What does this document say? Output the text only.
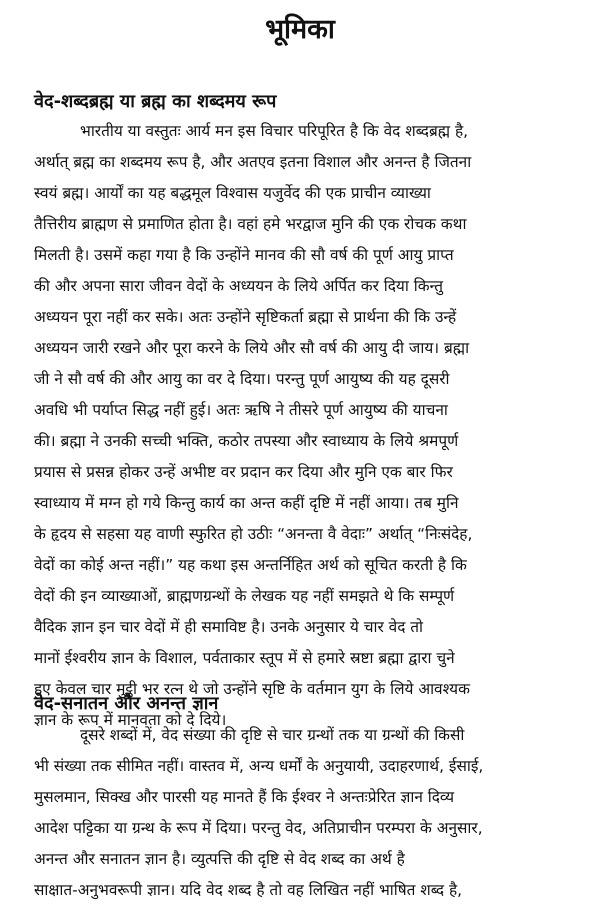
भूमिका
वेद-शब्दब्रह्म या ब्रह्म का शब्दमय रूप
भारतीय या वस्तुतः आर्य मन इस विचार परिपूरित है कि वेद शब्दब्रह्म है,
अर्थात् ब्रह्म का शब्दमय रूप है, और अतएव इतना विशाल और अनन्त है जितना
स्वयं ब्रह्म। आर्यों का यह बद्धमूल विश्वास यजुर्वेद की एक प्राचीन व्याख्या
तैत्तिरीय ब्राह्मण से प्रमाणित होता है। वहां हमे भरद्वाज मुनि की एक रोचक कथा
मिलती है। उसमें कहा गया है कि उन्होंने मानव की सौ वर्ष की पूर्ण आयु प्राप्त
की और अपना सारा जीवन वेदों के अध्ययन के लिये अर्पित कर दिया किन्तु
अध्ययन पूरा नहीं कर सके। अतः उन्होंने सृष्टिकर्ता ब्रह्मा से प्रार्थना की कि उन्हें
अध्ययन जारी रखने और पूरा करने के लिये और सौ वर्ष की आयु दी जाय। ब्रह्मा
जी ने सौ वर्ष की और आयु का वर दे दिया। परन्तु पूर्ण आयुष्य की यह दूसरी
अवधि भी पर्याप्त सिद्ध नहीं हुई। अतः ऋषि ने तीसरे पूर्ण आयुष्य की याचना
की। ब्रह्मा ने उनकी सच्ची भक्ति, कठोर तपस्या और स्वाध्याय के लिये श्रमपूर्ण
प्रयास से प्रसन्न होकर उन्हें अभीष्ट वर प्रदान कर दिया और मुनि एक बार फिर
स्वाध्याय में मग्न हो गये किन्तु कार्य का अन्त कहीं दृष्टि में नहीं आया। तब मुनि
के हृदय से सहसा यह वाणी स्फुरित हो उठीः “अनन्ता वै वेदाः” अर्थात् “निःसंदेह,
वेदों का कोई अन्त नहीं।” यह कथा इस अन्तर्निहित अर्थ को सूचित करती है कि
वेदों की इन व्याख्याओं, ब्राह्मणग्रन्थों के लेखक यह नहीं समझते थे कि सम्पूर्ण
वैदिक ज्ञान इन चार वेदों में ही समाविष्ट है। उनके अनुसार ये चार वेद तो
मानों ईश्वरीय ज्ञान के विशाल, पर्वताकार स्तूप में से हमारे स्रष्टा ब्रह्मा द्वारा चुने
हुए केवल चार मुट्ठी भर रत्न थे जो उन्होंने सृष्टि के वर्तमान युग के लिये आवश्यक
ज्ञान के रूप में मानवता को दे दिये।
वेद-सनातन और अनन्त ज्ञान
दूसरे शब्दों में, वेद संख्या की दृष्टि से चार ग्रन्थों तक या ग्रन्थों की किसी
भी संख्या तक सीमित नहीं। वास्तव में, अन्य धर्मों के अनुयायी, उदाहरणार्थ, ईसाई,
मुसलमान, सिक्ख और पारसी यह मानते हैं कि ईश्वर ने अन्तःप्रेरित ज्ञान दिव्य
आदेश पट्टिका या ग्रन्थ के रूप में दिया। परन्तु वेद, अतिप्राचीन परम्परा के अनुसार,
अनन्त और सनातन ज्ञान है। व्युत्पत्ति की दृष्टि से वेद शब्द का अर्थ है
साक्षात-अनुभवरूपी ज्ञान। यदि वेद शब्द है तो वह लिखित नहीं भाषित शब्द है,
